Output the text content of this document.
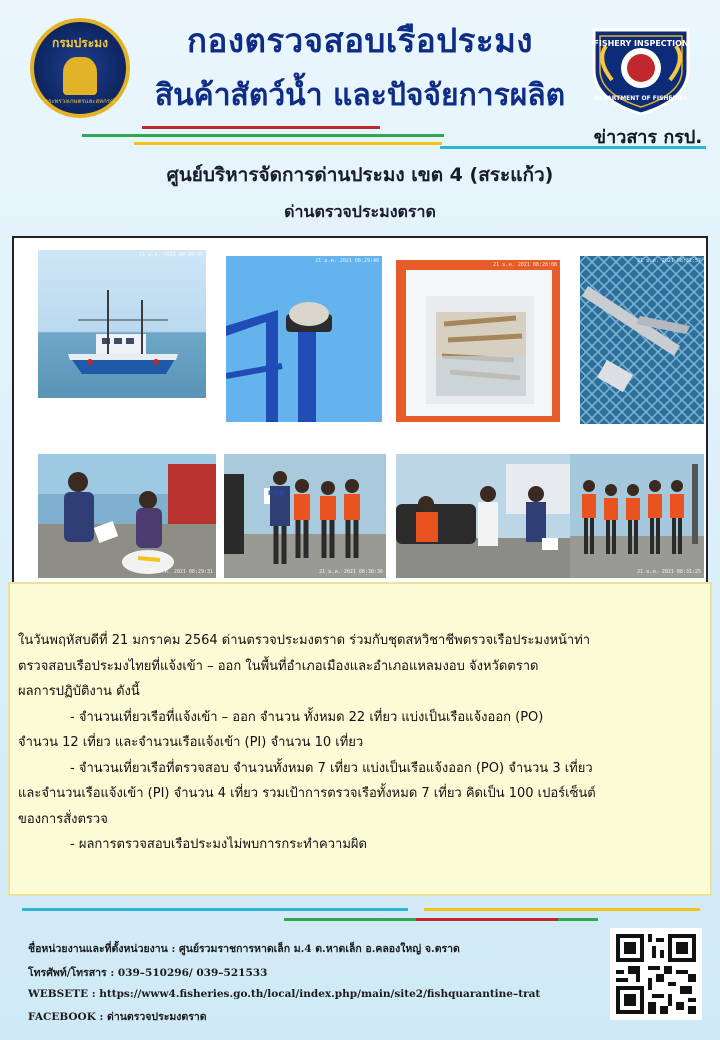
กรมประมง
กระทรวงเกษตรและสหกรณ์
กองตรวจสอบเรือประมง
สินค้าสัตว์น้ำ และปัจจัยการผลิต
FISHERY INSPECTION
DEPARTMENT OF FISHERIES
ข่าวสาร กรป.
ศูนย์บริหารจัดการด่านประมง เขต 4 (สระแก้ว)
ด่านตรวจประมงตราด
21 ม.ค. 2021 08:29:29
21 ม.ค. 2021 08:29:40
21 ม.ค. 2021 08:28:08
21 ม.ค. 2021 08:31:57
21 ม.ค. 2021 08:29:31
PIPO
21 ม.ค. 2021 08:30:36	21 ม.ค. 2021 08:31:25

ในวันพฤหัสบดีที่ 21 มกราคม 2564 ด่านตรวจประมงตราด ร่วมกับชุดสหวิชาชีพตรวจเรือประมงหน้าท่า

ตรวจสอบเรือประมงไทยที่แจ้งเข้า – ออก ในพื้นที่อำเภอเมืองและอำเภอแหลมงอบ จังหวัดตราด

ผลการปฏิบัติงาน ดังนี้

- จำนวนเที่ยวเรือที่แจ้งเข้า – ออก จำนวน ทั้งหมด 22 เที่ยว แบ่งเป็นเรือแจ้งออก (PO)

จำนวน 12 เที่ยว และจำนวนเรือแจ้งเข้า (PI) จำนวน 10 เที่ยว

- จำนวนเที่ยวเรือที่ตรวจสอบ จำนวนทั้งหมด 7 เที่ยว แบ่งเป็นเรือแจ้งออก (PO) จำนวน 3 เที่ยว

และจำนวนเรือแจ้งเข้า (PI) จำนวน 4 เที่ยว รวมเป้าการตรวจเรือทั้งหมด 7 เที่ยว คิดเป็น 100 เปอร์เซ็นต์

ของการสั่งตรวจ

- ผลการตรวจสอบเรือประมงไม่พบการกระทำความผิด

ชื่อหน่วยงานและที่ตั้งหน่วยงาน : ศูนย์รวมราชการหาดเล็ก ม.4 ต.หาดเล็ก อ.คลองใหญ่ จ.ตราด
โทรศัพท์/โทรสาร : 039–510296/ 039–521533
WEBSETE : https://www4.fisheries.go.th/local/index.php/main/site2/fishquarantine–trat
FACEBOOK : ด่านตรวจประมงตราด
